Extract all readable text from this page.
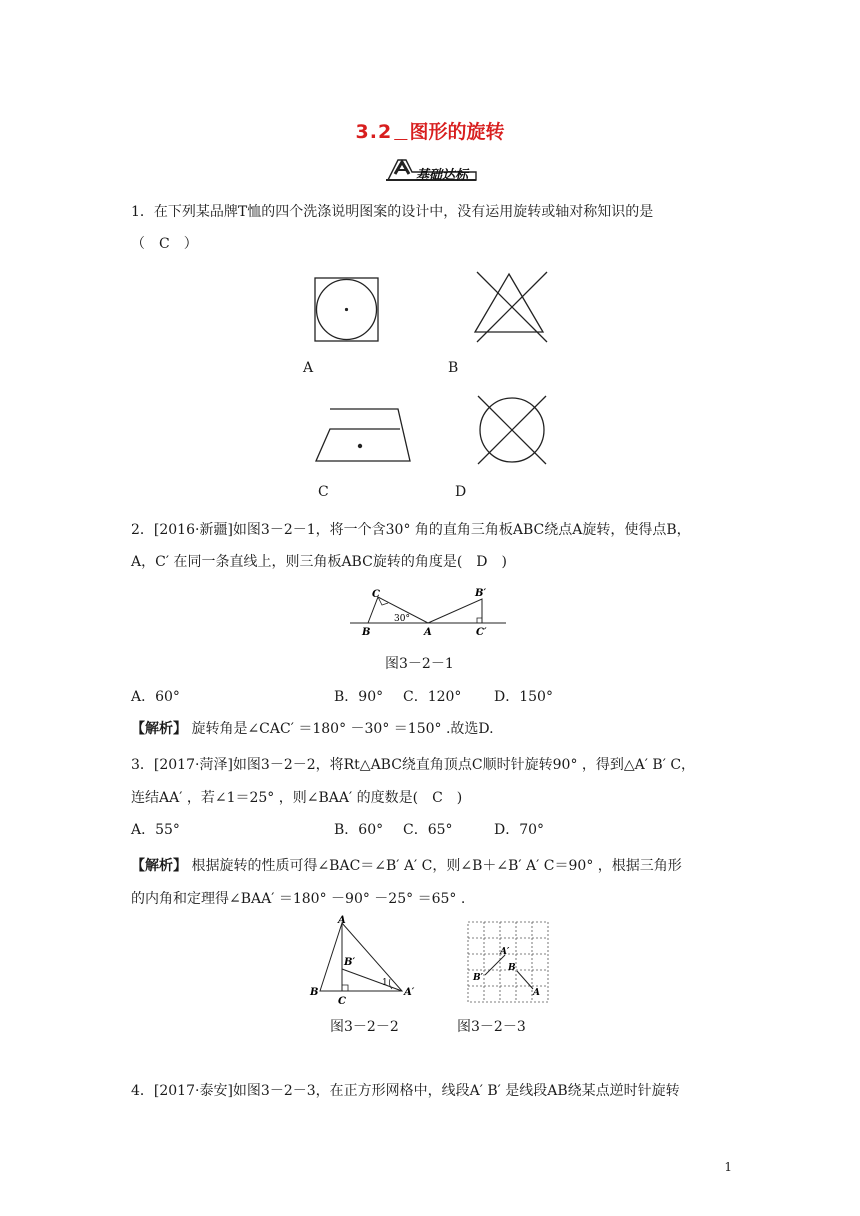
3.2 图形的旋转
基础达标
1．在下列某品牌T恤的四个洗涤说明图案的设计中，没有运用旋转或轴对称知识的是
（　C　）
A	B
C	D
2．[2016·新疆]如图3－2－1，将一个含30° 角的直角三角板ABC绕点A旋转，使得点B，
A，C′ 在同一条直线上，则三角板ABC旋转的角度是(　D　)
C
B
30°
A
B′
C′
图3－2－1
A．60°	B．90° C．120° D．150°
【解析】 旋转角是∠CAC′ ＝180° －30° ＝150° .故选D.
3．[2017·菏泽]如图3－2－2，将Rt△ABC绕直角顶点C顺时针旋转90° ，得到△A′ B′ C，
连结AA′ ，若∠1＝25° ，则∠BAA′ 的度数是(　C　)
A．55°	B．60° C．65°	D．70°
【解析】 根据旋转的性质可得∠BAC＝∠B′ A′ C，则∠B＋∠B′ A′ C＝90° ，根据三角形
的内角和定理得∠BAA′ ＝180° －90° －25° ＝65° .
A
B′
1
B
C
A′
A′
B
B′
A
图3－2－2	图3－2－3
4．[2017·泰安]如图3－2－3，在正方形网格中，线段A′ B′ 是线段AB绕某点逆时针旋转
1
